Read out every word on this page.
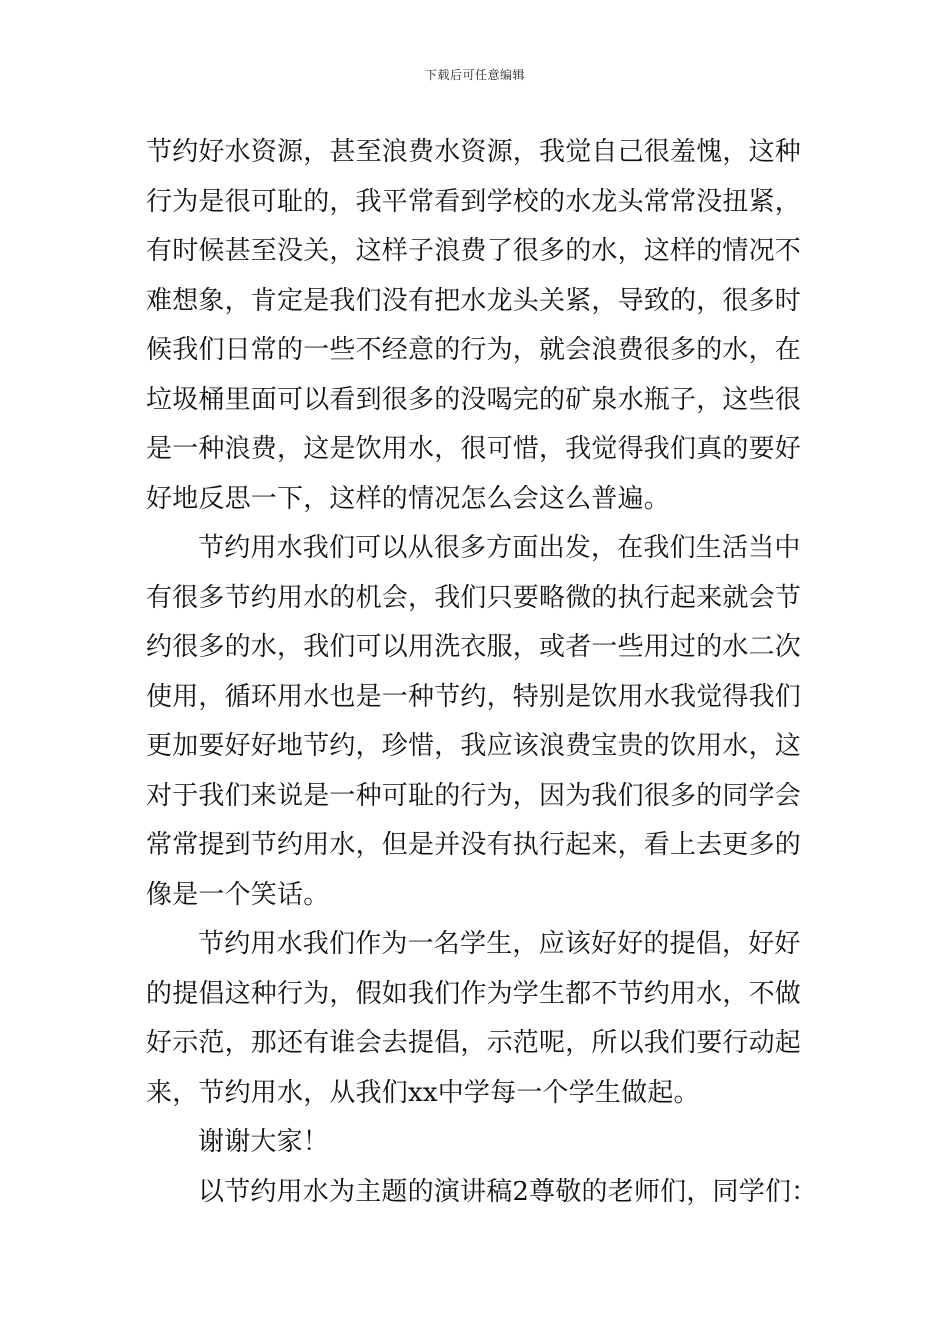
下载后可任意编辑
节约好水资源，甚至浪费水资源，我觉自己很羞愧，这种
行为是很可耻的，我平常看到学校的水龙头常常没扭紧，
有时候甚至没关，这样子浪费了很多的水，这样的情况不
难想象，肯定是我们没有把水龙头关紧，导致的，很多时
候我们日常的一些不经意的行为，就会浪费很多的水，在
垃圾桶里面可以看到很多的没喝完的矿泉水瓶子，这些很
是一种浪费，这是饮用水，很可惜，我觉得我们真的要好
好地反思一下，这样的情况怎么会这么普遍。
节约用水我们可以从很多方面出发，在我们生活当中
有很多节约用水的机会，我们只要略微的执行起来就会节
约很多的水，我们可以用洗衣服，或者一些用过的水二次
使用，循环用水也是一种节约，特别是饮用水我觉得我们
更加要好好地节约，珍惜，我应该浪费宝贵的饮用水，这
对于我们来说是一种可耻的行为，因为我们很多的同学会
常常提到节约用水，但是并没有执行起来，看上去更多的
像是一个笑话。
节约用水我们作为一名学生，应该好好的提倡，好好
的提倡这种行为，假如我们作为学生都不节约用水，不做
好示范，那还有谁会去提倡，示范呢，所以我们要行动起
来，节约用水，从我们xx中学每一个学生做起。
谢谢大家！
以节约用水为主题的演讲稿2尊敬的老师们，同学们：
